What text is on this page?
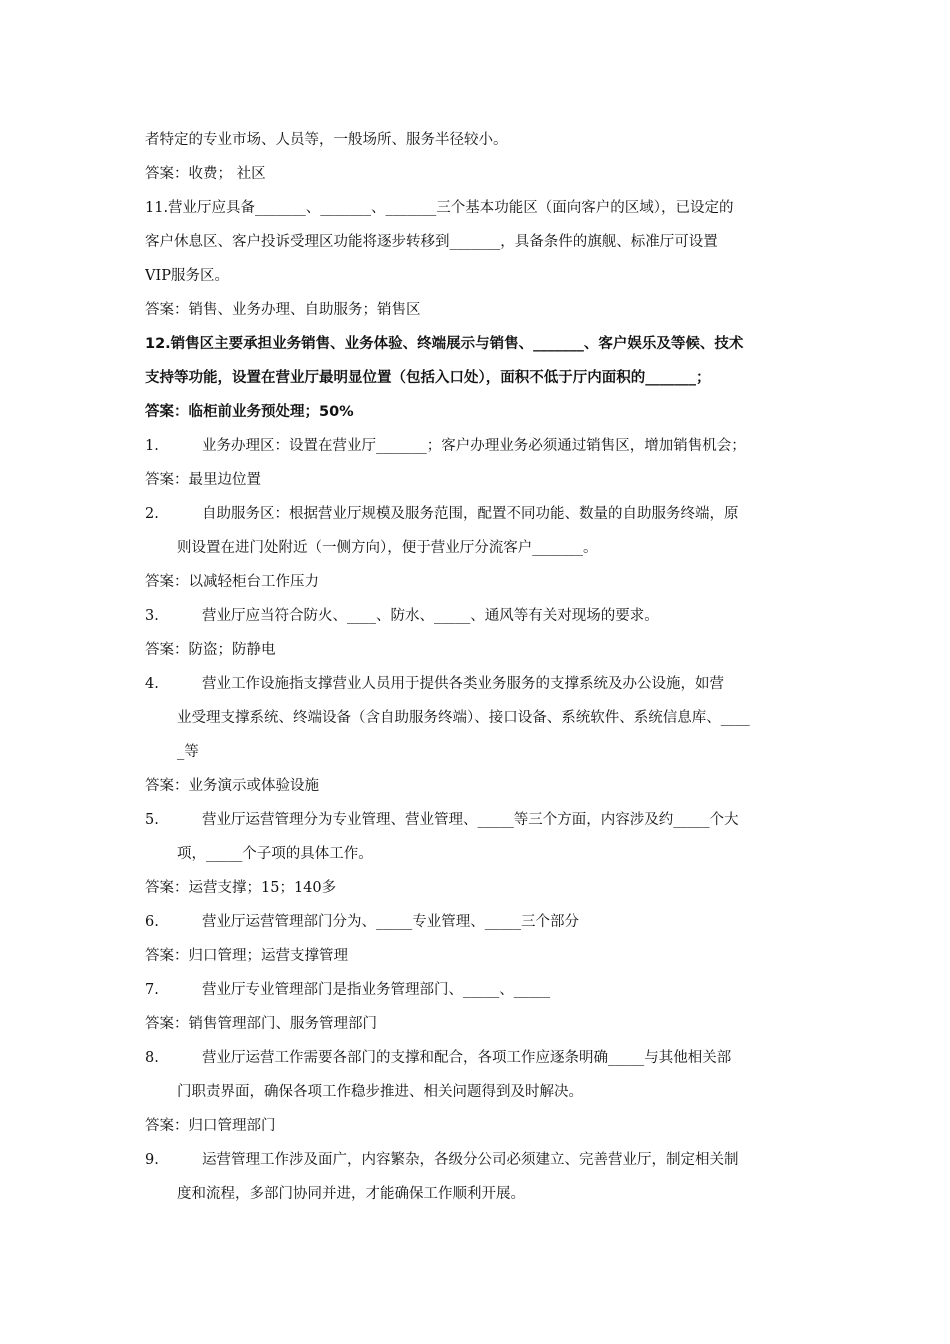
者特定的专业市场、人员等，一般场所、服务半径较小。
答案：收费； 社区
11.营业厅应具备_______、_______、_______三个基本功能区（面向客户的区域），已设定的
客户休息区、客户投诉受理区功能将逐步转移到_______，具备条件的旗舰、标准厅可设置
VIP服务区。
答案：销售、业务办理、自助服务；销售区
12.销售区主要承担业务销售、业务体验、终端展示与销售、_______、客户娱乐及等候、技术
支持等功能，设置在营业厅最明显位置（包括入口处），面积不低于厅内面积的_______；
答案：临柜前业务预处理；50%
1.	业务办理区：设置在营业厅_______；客户办理业务必须通过销售区，增加销售机会；
答案：最里边位置
2.	自助服务区：根据营业厅规模及服务范围，配置不同功能、数量的自助服务终端，原
则设置在进门处附近（一侧方向），便于营业厅分流客户_______。
答案：以减轻柜台工作压力
3.	营业厅应当符合防火、____、防水、_____、通风等有关对现场的要求。
答案：防盗；防静电
4.	营业工作设施指支撑营业人员用于提供各类业务服务的支撑系统及办公设施，如营
业受理支撑系统、终端设备（含自助服务终端）、接口设备、系统软件、系统信息库、____
_等
答案：业务演示或体验设施
5.	营业厅运营管理分为专业管理、营业管理、_____等三个方面，内容涉及约_____个大
项，_____个子项的具体工作。
答案：运营支撑；15；140多
6.	营业厅运营管理部门分为、_____专业管理、_____三个部分
答案：归口管理；运营支撑管理
7.	营业厅专业管理部门是指业务管理部门、_____、_____
答案：销售管理部门、服务管理部门
8.	营业厅运营工作需要各部门的支撑和配合，各项工作应逐条明确_____与其他相关部
门职责界面，确保各项工作稳步推进、相关问题得到及时解决。
答案：归口管理部门
9.	运营管理工作涉及面广，内容繁杂，各级分公司必须建立、完善营业厅，制定相关制
度和流程，多部门协同并进，才能确保工作顺利开展。
